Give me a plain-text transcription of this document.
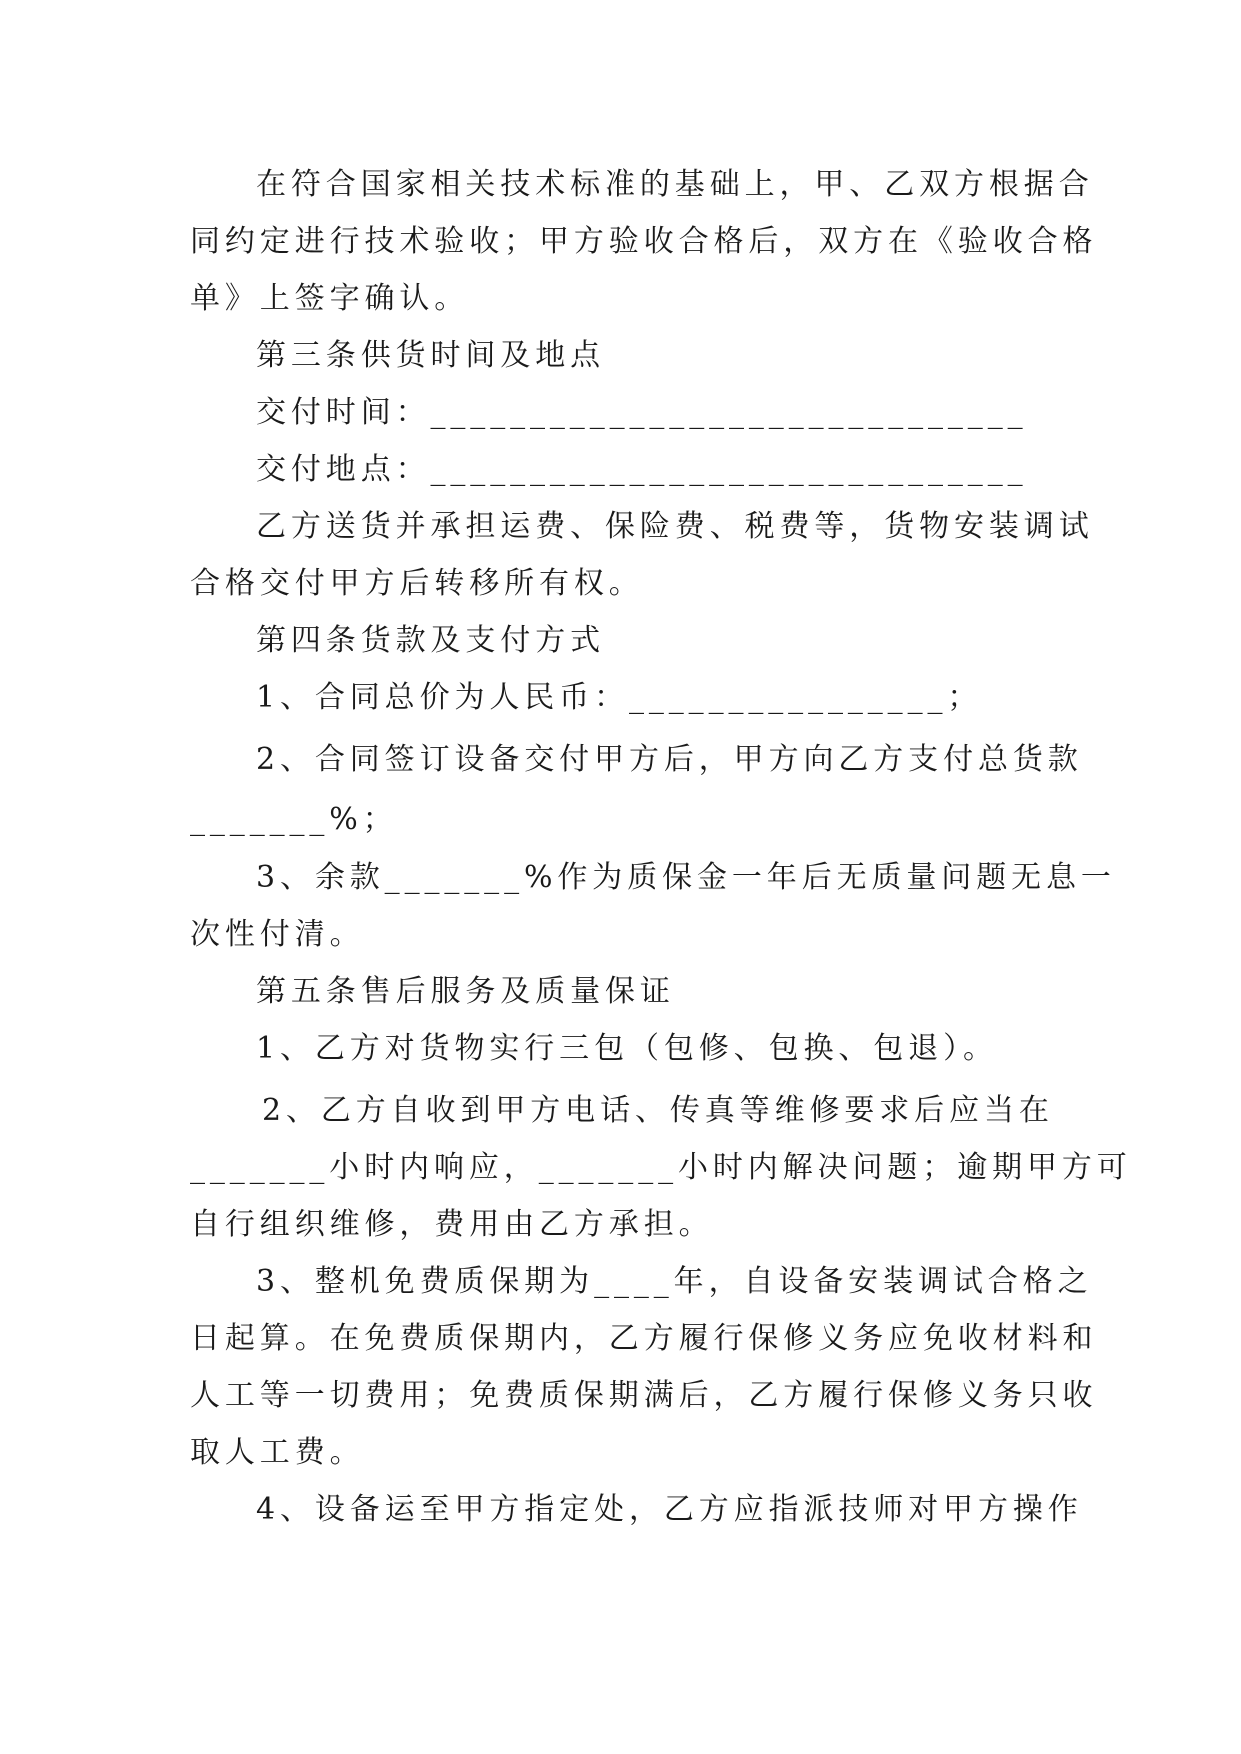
在符合国家相关技术标准的基础上，甲、乙双方根据合
同约定进行技术验收；甲方验收合格后，双方在《验收合格
单》上签字确认。
第三条供货时间及地点
交付时间：______________________________
交付地点：______________________________
乙方送货并承担运费、保险费、税费等，货物安装调试
合格交付甲方后转移所有权。
第四条货款及支付方式
1、合同总价为人民币：________________；
2、合同签订设备交付甲方后，甲方向乙方支付总货款
_______%；
3、余款_______%作为质保金一年后无质量问题无息一
次性付清。
第五条售后服务及质量保证
1、乙方对货物实行三包（包修、包换、包退）。
2、乙方自收到甲方电话、传真等维修要求后应当在
_______小时内响应，_______小时内解决问题；逾期甲方可
自行组织维修，费用由乙方承担。
3、整机免费质保期为____年，自设备安装调试合格之
日起算。在免费质保期内，乙方履行保修义务应免收材料和
人工等一切费用；免费质保期满后，乙方履行保修义务只收
取人工费。
4、设备运至甲方指定处，乙方应指派技师对甲方操作
